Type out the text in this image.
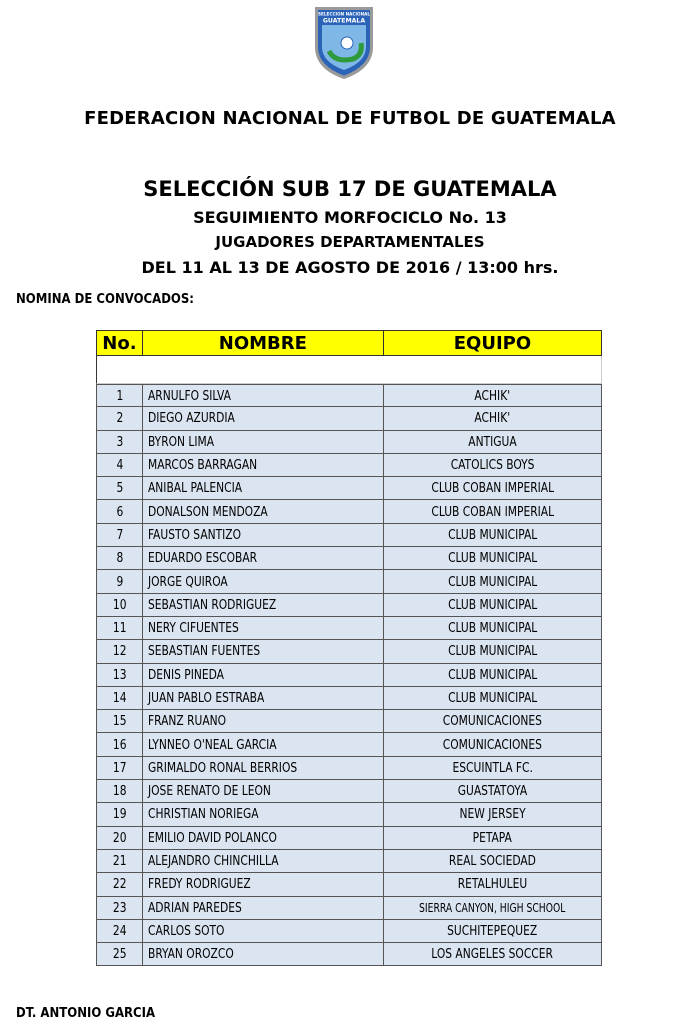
SELECCION NACIONAL
GUATEMALA
FEDERACION NACIONAL DE FUTBOL DE GUATEMALA
SELECCIÓN SUB 17 DE GUATEMALA
SEGUIMIENTO MORFOCICLO No. 13
JUGADORES DEPARTAMENTALES
DEL 11 AL 13 DE AGOSTO DE 2016 / 13:00 hrs.
NOMINA DE CONVOCADOS:
No.	NOMBRE	EQUIPO
1 ARNULFO SILVA	ACHIK'
2 DIEGO AZURDIA	ACHIK'
3 BYRON LIMA	ANTIGUA
4 MARCOS BARRAGAN	CATOLICS BOYS
5 ANIBAL PALENCIA	CLUB COBAN IMPERIAL
6 DONALSON MENDOZA	CLUB COBAN IMPERIAL
7 FAUSTO SANTIZO	CLUB MUNICIPAL
8 EDUARDO ESCOBAR	CLUB MUNICIPAL
9 JORGE QUIROA	CLUB MUNICIPAL
10 SEBASTIAN RODRIGUEZ	CLUB MUNICIPAL
11 NERY CIFUENTES	CLUB MUNICIPAL
12 SEBASTIAN FUENTES	CLUB MUNICIPAL
13 DENIS PINEDA	CLUB MUNICIPAL
14 JUAN PABLO ESTRABA	CLUB MUNICIPAL
15 FRANZ RUANO	COMUNICACIONES
16 LYNNEO O'NEAL GARCIA	COMUNICACIONES
17 GRIMALDO RONAL BERRIOS	ESCUINTLA FC.
18 JOSE RENATO DE LEON	GUASTATOYA
19 CHRISTIAN NORIEGA	NEW JERSEY
20 EMILIO DAVID POLANCO	PETAPA
21 ALEJANDRO CHINCHILLA	REAL SOCIEDAD
22 FREDY RODRIGUEZ	RETALHULEU
23 ADRIAN PAREDES	SIERRA CANYON, HIGH SCHOOL
24 CARLOS SOTO	SUCHITEPEQUEZ
25 BRYAN OROZCO	LOS ANGELES SOCCER
DT. ANTONIO GARCIA
